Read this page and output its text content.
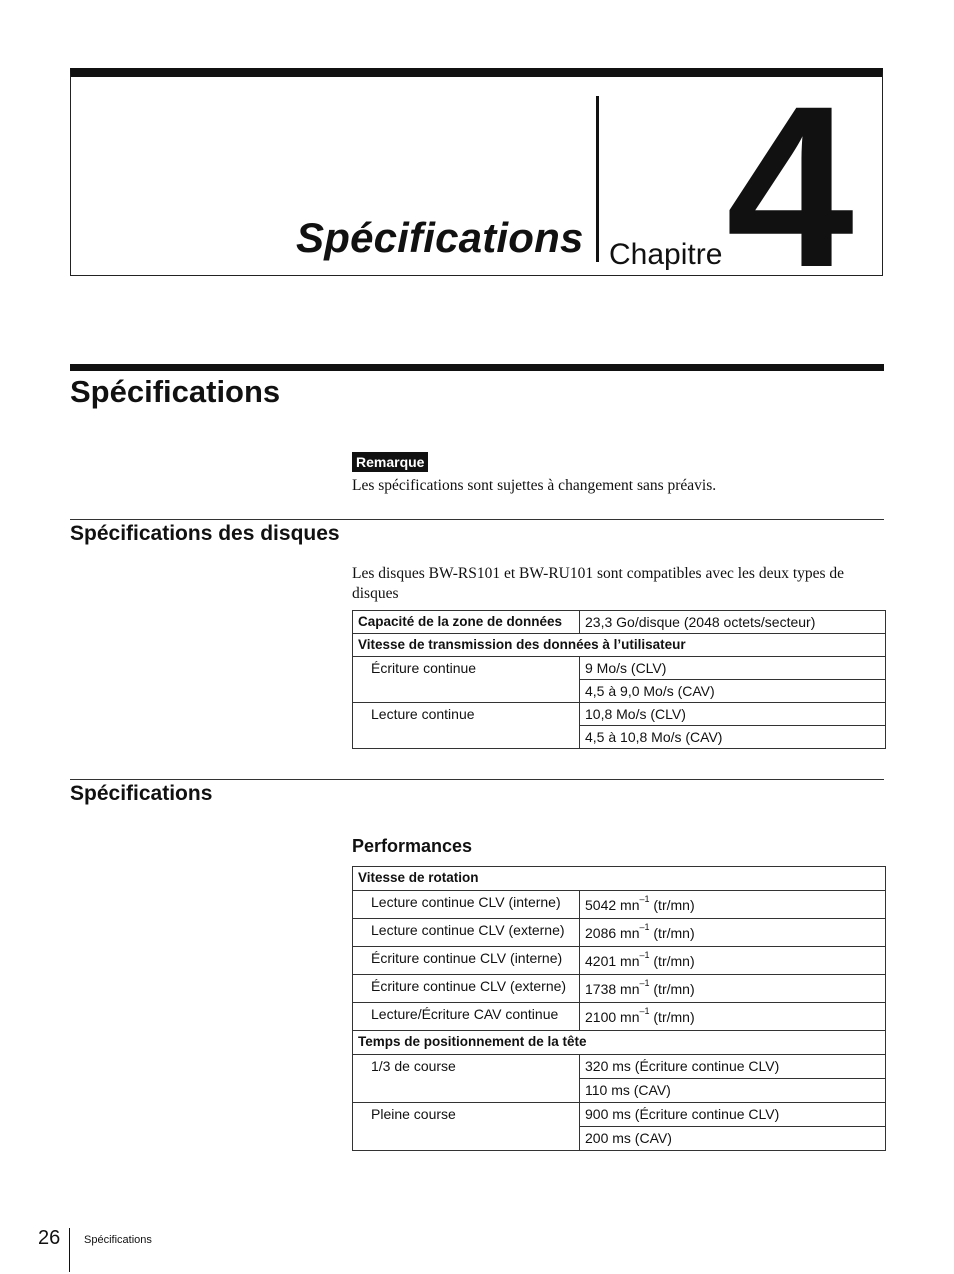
Spécifications Chapitre 4
Spécifications
Remarque
Les spécifications sont sujettes à changement sans préavis.
Spécifications des disques
Les disques BW-RS101 et BW-RU101 sont compatibles avec les deux types de disques
Capacité de la zone de données	23,3 Go/disque (2048 octets/secteur)
Vitesse de transmission des données à l’utilisateur	
Écriture continue	9 Mo/s (CLV)
	4,5 à 9,0 Mo/s (CAV)
Lecture continue	10,8 Mo/s (CLV)
	4,5 à 10,8 Mo/s (CAV)
Spécifications
Performances
Vitesse de rotation	
Lecture continue CLV (interne)	5042 $mn^{-1}$ (tr/mn)
Lecture continue CLV (externe)	2086 $mn^{-1}$ (tr/mn)
Écriture continue CLV (interne)	4201 $mn^{-1}$ (tr/mn)
Écriture continue CLV (externe)	1738 $mn^{-1}$ (tr/mn)
Lecture/Écriture CAV continue	2100 $mn^{-1}$ (tr/mn)
Temps de positionnement de la tête	
1/3 de course	320 ms (Écriture continue CLV)
	110 ms (CAV)
Pleine course	900 ms (Écriture continue CLV)
	200 ms (CAV)
26 Spécifications
